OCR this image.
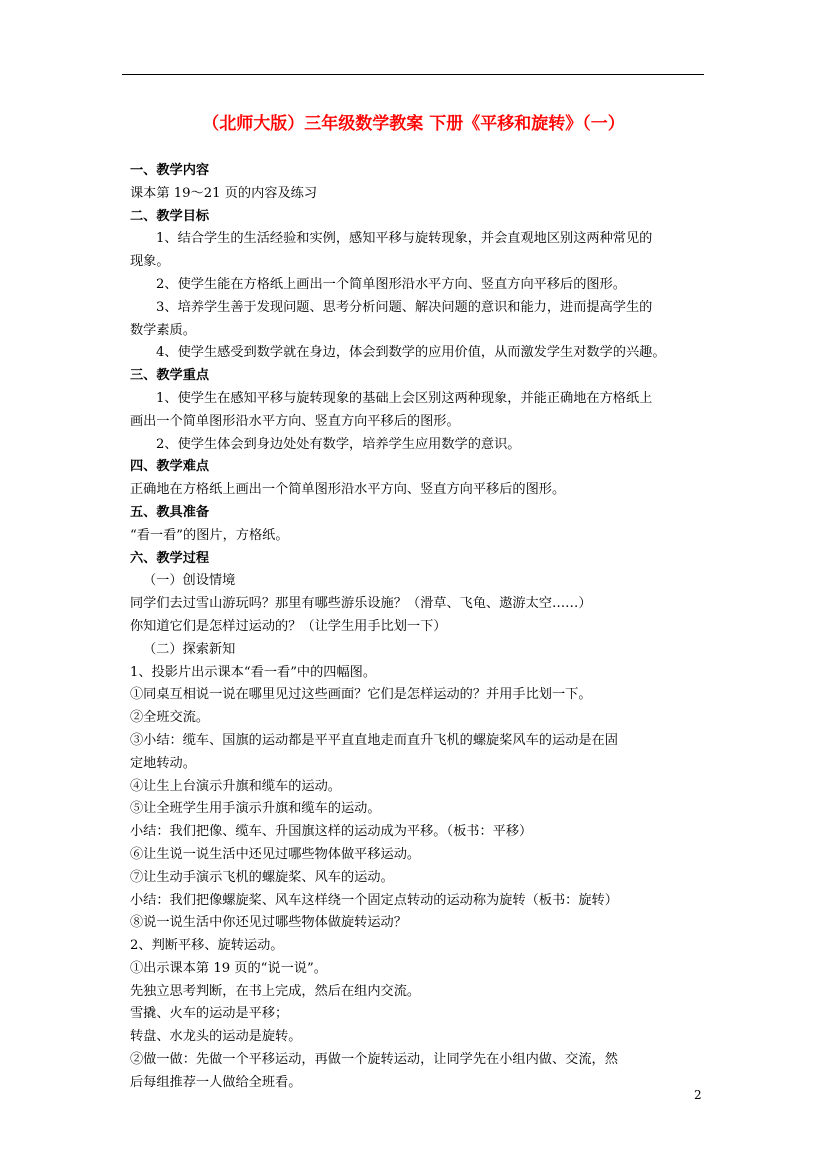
（北师大版）三年级数学教案 下册《平移和旋转》（一）
一、教学内容
课本第 19～21 页的内容及练习
二、教学目标
1、结合学生的生活经验和实例，感知平移与旋转现象，并会直观地区别这两种常见的
现象。
2、使学生能在方格纸上画出一个简单图形沿水平方向、竖直方向平移后的图形。
3、培养学生善于发现问题、思考分析问题、解决问题的意识和能力，进而提高学生的
数学素质。
4、使学生感受到数学就在身边，体会到数学的应用价值，从而激发学生对数学的兴趣。
三、教学重点
1、使学生在感知平移与旋转现象的基础上会区别这两种现象，并能正确地在方格纸上
画出一个简单图形沿水平方向、竖直方向平移后的图形。
2、使学生体会到身边处处有数学，培养学生应用数学的意识。
四、教学难点
正确地在方格纸上画出一个简单图形沿水平方向、竖直方向平移后的图形。
五、教具准备
“看一看”的图片，方格纸。
六、教学过程
（一）创设情境
同学们去过雪山游玩吗？那里有哪些游乐设施？（滑草、飞龟、遨游太空……）
你知道它们是怎样过运动的？（让学生用手比划一下）
（二）探索新知
1、投影片出示课本“看一看”中的四幅图。
①同桌互相说一说在哪里见过这些画面？它们是怎样运动的？并用手比划一下。
②全班交流。
③小结：缆车、国旗的运动都是平平直直地走而直升飞机的螺旋桨风车的运动是在固
定地转动。
④让生上台演示升旗和缆车的运动。
⑤让全班学生用手演示升旗和缆车的运动。
小结：我们把像、缆车、升国旗这样的运动成为平移。（板书：平移）
⑥让生说一说生活中还见过哪些物体做平移运动。
⑦让生动手演示飞机的螺旋桨、风车的运动。
小结：我们把像螺旋桨、风车这样绕一个固定点转动的运动称为旋转（板书：旋转）
⑧说一说生活中你还见过哪些物体做旋转运动？
2、判断平移、旋转运动。
①出示课本第 19 页的“说一说”。
先独立思考判断，在书上完成，然后在组内交流。
雪撬、火车的运动是平移；
转盘、水龙头的运动是旋转。
②做一做：先做一个平移运动，再做一个旋转运动，让同学先在小组内做、交流，然
后每组推荐一人做给全班看。
2
